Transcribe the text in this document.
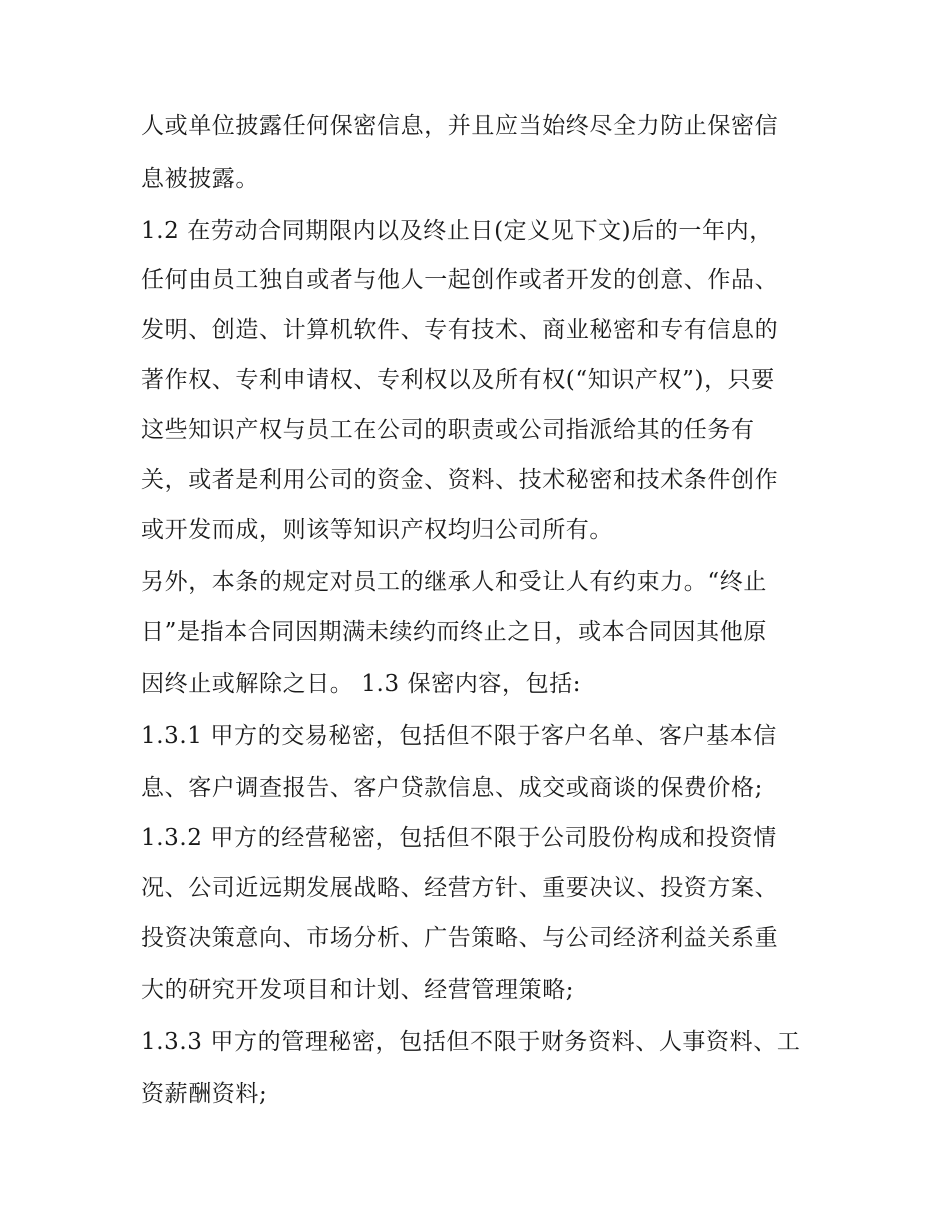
人或单位披露任何保密信息，并且应当始终尽全力防止保密信
息被披露。
1.2 在劳动合同期限内以及终止日(定义见下文)后的一年内，
任何由员工独自或者与他人一起创作或者开发的创意、作品、
发明、创造、计算机软件、专有技术、商业秘密和专有信息的
著作权、专利申请权、专利权以及所有权(“知识产权”)，只要
这些知识产权与员工在公司的职责或公司指派给其的任务有
关，或者是利用公司的资金、资料、技术秘密和技术条件创作
或开发而成，则该等知识产权均归公司所有。
另外，本条的规定对员工的继承人和受让人有约束力。“终止
日”是指本合同因期满未续约而终止之日，或本合同因其他原
因终止或解除之日。 1.3 保密内容，包括:
1.3.1 甲方的交易秘密，包括但不限于客户名单、客户基本信
息、客户调查报告、客户贷款信息、成交或商谈的保费价格;
1.3.2 甲方的经营秘密，包括但不限于公司股份构成和投资情
况、公司近远期发展战略、经营方针、重要决议、投资方案、
投资决策意向、市场分析、广告策略、与公司经济利益关系重
大的研究开发项目和计划、经营管理策略;
1.3.3 甲方的管理秘密，包括但不限于财务资料、人事资料、工
资薪酬资料;
